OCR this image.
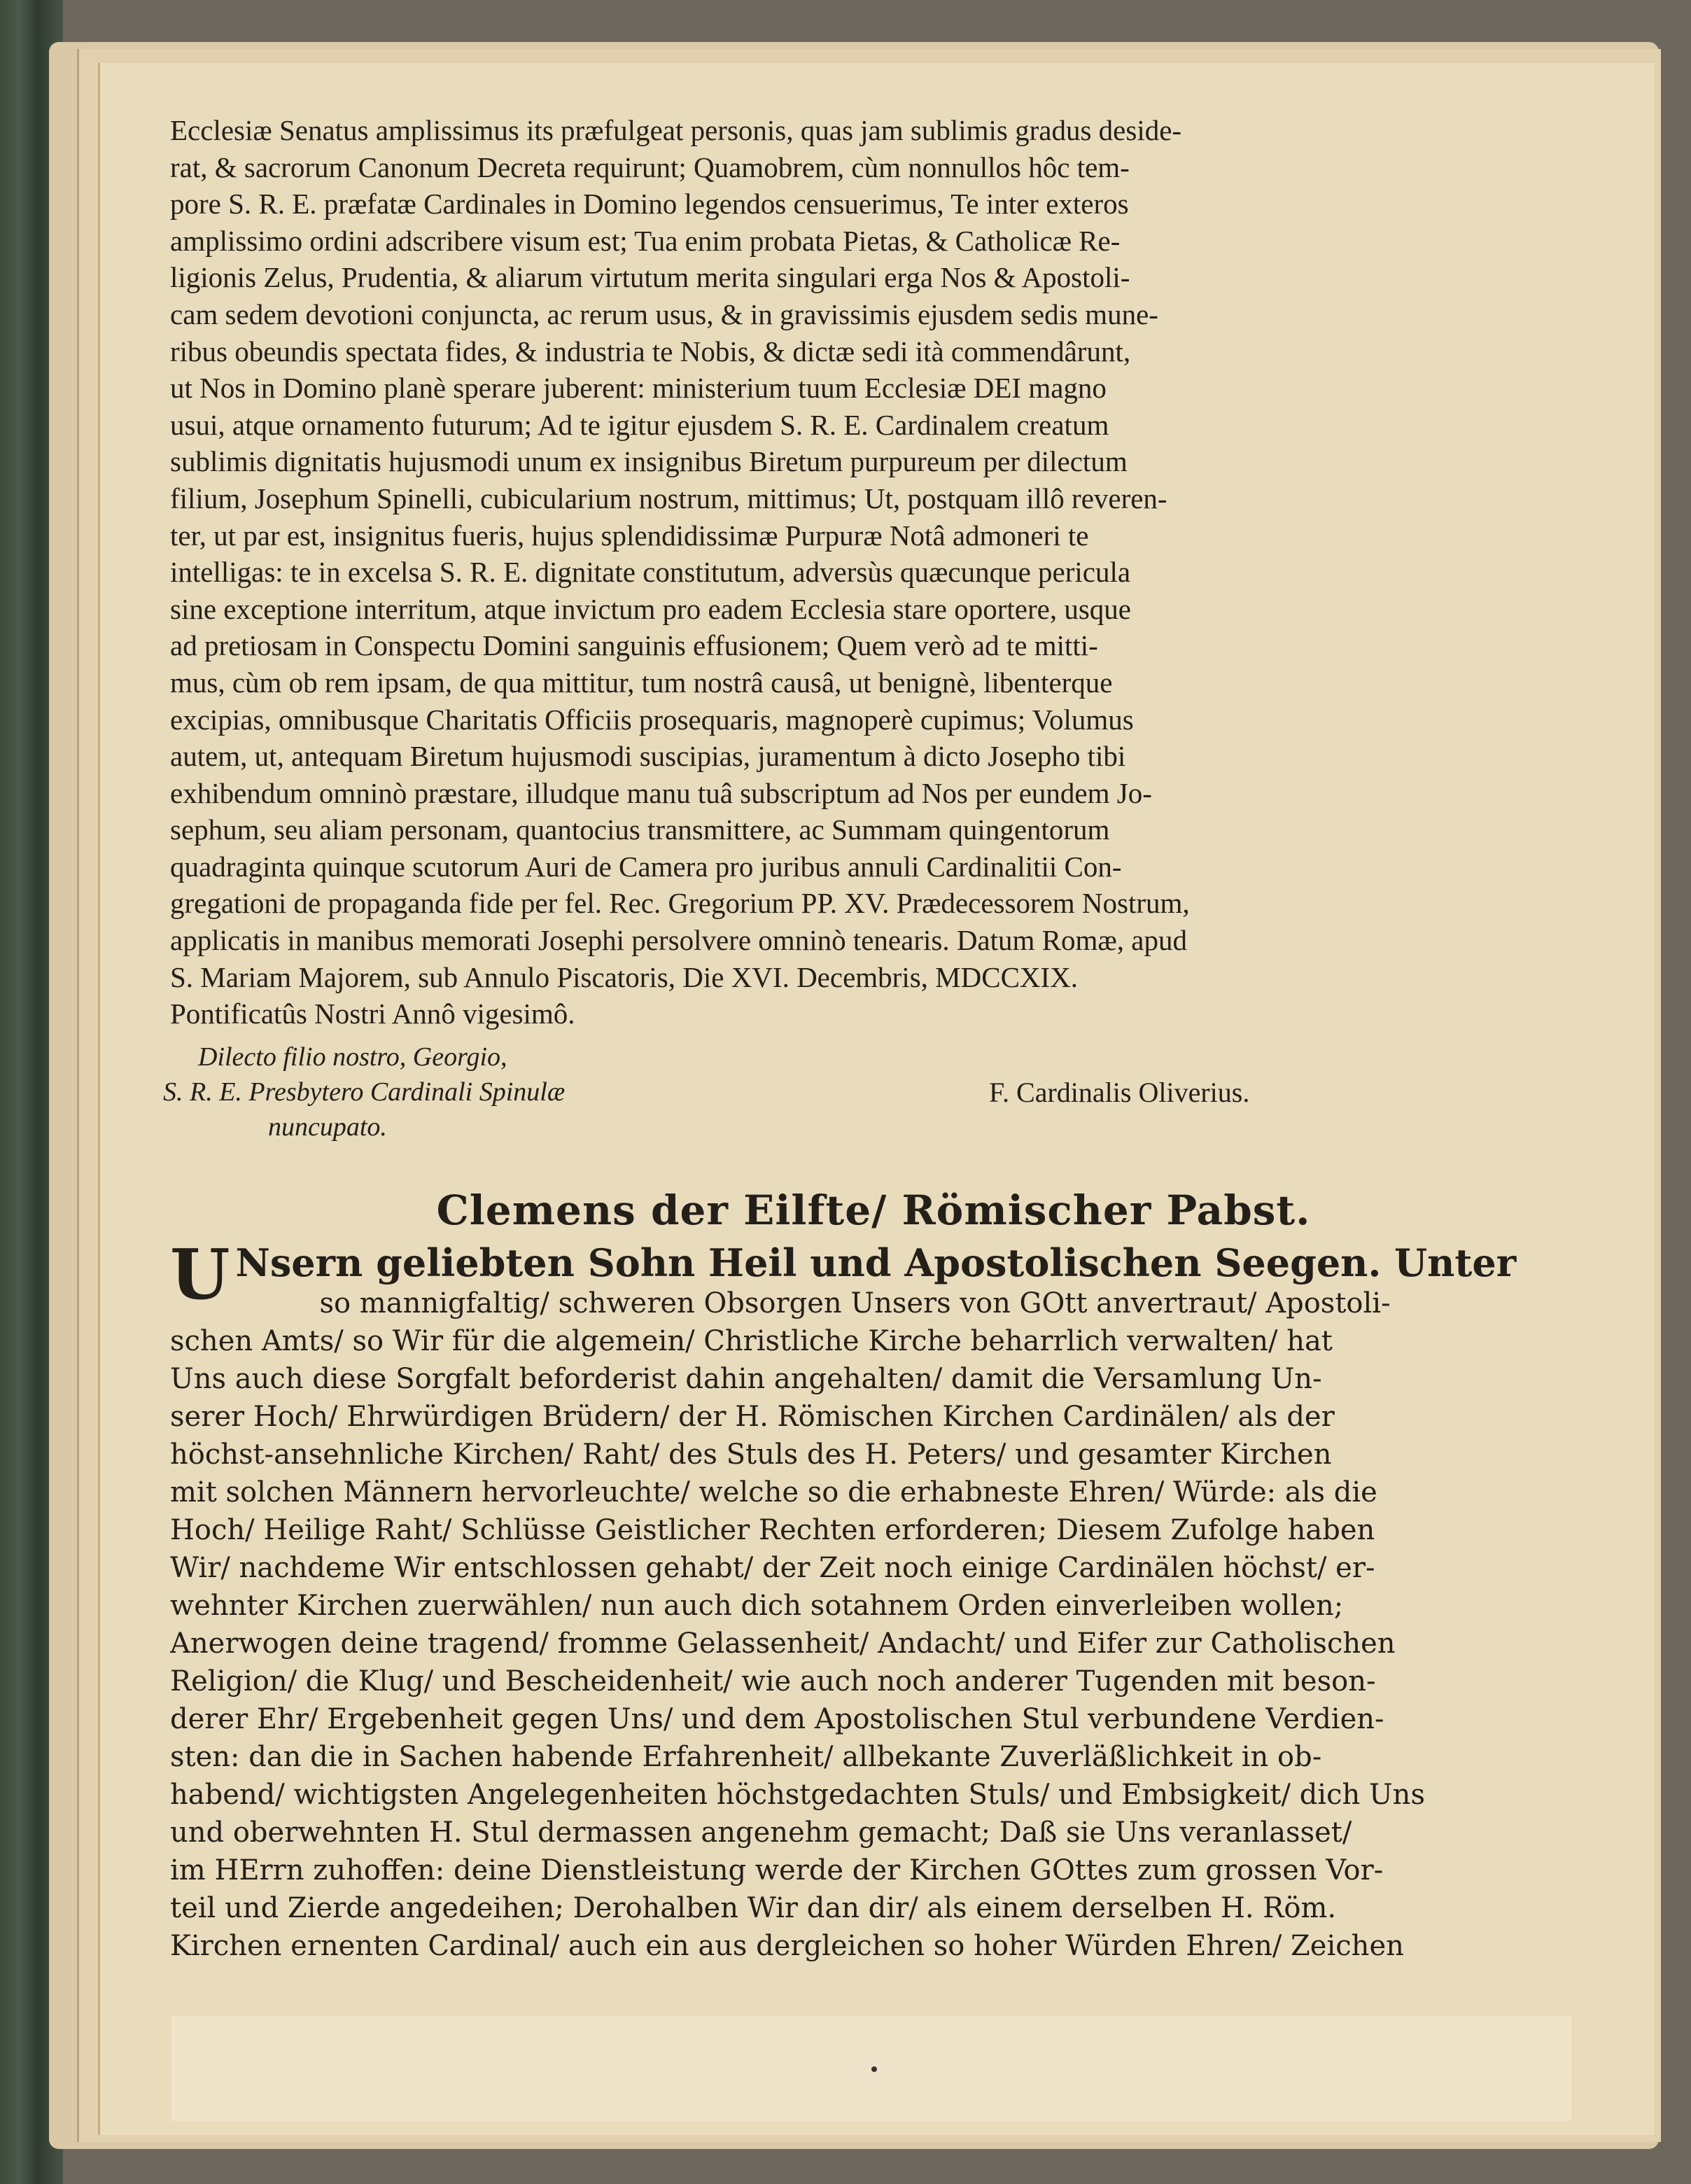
Ecclesiæ Senatus amplissimus its præfulgeat personis, quas jam sublimis gradus deside-
rat, & sacrorum Canonum Decreta requirunt; Quamobrem, cùm nonnullos hôc tem-
pore S. R. E. præfatæ Cardinales in Domino legendos censuerimus, Te inter exteros
amplissimo ordini adscribere visum est; Tua enim probata Pietas, & Catholicæ Re-
ligionis Zelus, Prudentia, & aliarum virtutum merita singulari erga Nos & Apostoli-
cam sedem devotioni conjuncta, ac rerum usus, & in gravissimis ejusdem sedis mune-
ribus obeundis spectata fides, & industria te Nobis, & dictæ sedi ità commendârunt,
ut Nos in Domino planè sperare juberent: ministerium tuum Ecclesiæ DEI magno
usui, atque ornamento futurum; Ad te igitur ejusdem S. R. E. Cardinalem creatum
sublimis dignitatis hujusmodi unum ex insignibus Biretum purpureum per dilectum
filium, Josephum Spinelli, cubicularium nostrum, mittimus; Ut, postquam illô reveren-
ter, ut par est, insignitus fueris, hujus splendidissimæ Purpuræ Notâ admoneri te
intelligas: te in excelsa S. R. E. dignitate constitutum, adversùs quæcunque pericula
sine exceptione interritum, atque invictum pro eadem Ecclesia stare oportere, usque
ad pretiosam in Conspectu Domini sanguinis effusionem; Quem verò ad te mitti-
mus, cùm ob rem ipsam, de qua mittitur, tum nostrâ causâ, ut benignè, libenterque
excipias, omnibusque Charitatis Officiis prosequaris, magnoperè cupimus; Volumus
autem, ut, antequam Biretum hujusmodi suscipias, juramentum à dicto Josepho tibi
exhibendum omninò præstare, illudque manu tuâ subscriptum ad Nos per eundem Jo-
sephum, seu aliam personam, quantocius transmittere, ac Summam quingentorum
quadraginta quinque scutorum Auri de Camera pro juribus annuli Cardinalitii Con-
gregationi de propaganda fide per fel. Rec. Gregorium PP. XV. Prædecessorem Nostrum,
applicatis in manibus memorati Josephi persolvere omninò tenearis. Datum Romæ, apud
S. Mariam Majorem, sub Annulo Piscatoris, Die XVI. Decembris, MDCCXIX.
Pontificatûs Nostri Annô vigesimô.
Dilecto filio nostro, Georgio,
S. R. E. Presbytero Cardinali Spinulæ
nuncupato.
F. Cardinalis Oliverius.
Clemens der Eilfte/ Römischer Pabst.
U Nsern geliebten Sohn Heil und Apostolischen Seegen. Unter
so mannigfaltig/ schweren Obsorgen Unsers von GOtt anvertraut/ Apostoli-
schen Amts/ so Wir für die algemein/ Christliche Kirche beharrlich verwalten/ hat
Uns auch diese Sorgfalt beforderist dahin angehalten/ damit die Versamlung Un-
serer Hoch/ Ehrwürdigen Brüdern/ der H. Römischen Kirchen Cardinälen/ als der
höchst-ansehnliche Kirchen/ Raht/ des Stuls des H. Peters/ und gesamter Kirchen
mit solchen Männern hervorleuchte/ welche so die erhabneste Ehren/ Würde: als die
Hoch/ Heilige Raht/ Schlüsse Geistlicher Rechten erforderen; Diesem Zufolge haben
Wir/ nachdeme Wir entschlossen gehabt/ der Zeit noch einige Cardinälen höchst/ er-
wehnter Kirchen zuerwählen/ nun auch dich sotahnem Orden einverleiben wollen;
Anerwogen deine tragend/ fromme Gelassenheit/ Andacht/ und Eifer zur Catholischen
Religion/ die Klug/ und Bescheidenheit/ wie auch noch anderer Tugenden mit beson-
derer Ehr/ Ergebenheit gegen Uns/ und dem Apostolischen Stul verbundene Verdien-
sten: dan die in Sachen habende Erfahrenheit/ allbekante Zuverläßlichkeit in ob-
habend/ wichtigsten Angelegenheiten höchstgedachten Stuls/ und Embsigkeit/ dich Uns
und oberwehnten H. Stul dermassen angenehm gemacht; Daß sie Uns veranlasset/
im HErrn zuhoffen: deine Dienstleistung werde der Kirchen GOttes zum grossen Vor-
teil und Zierde angedeihen; Derohalben Wir dan dir/ als einem derselben H. Röm.
Kirchen ernenten Cardinal/ auch ein aus dergleichen so hoher Würden Ehren/ Zeichen
